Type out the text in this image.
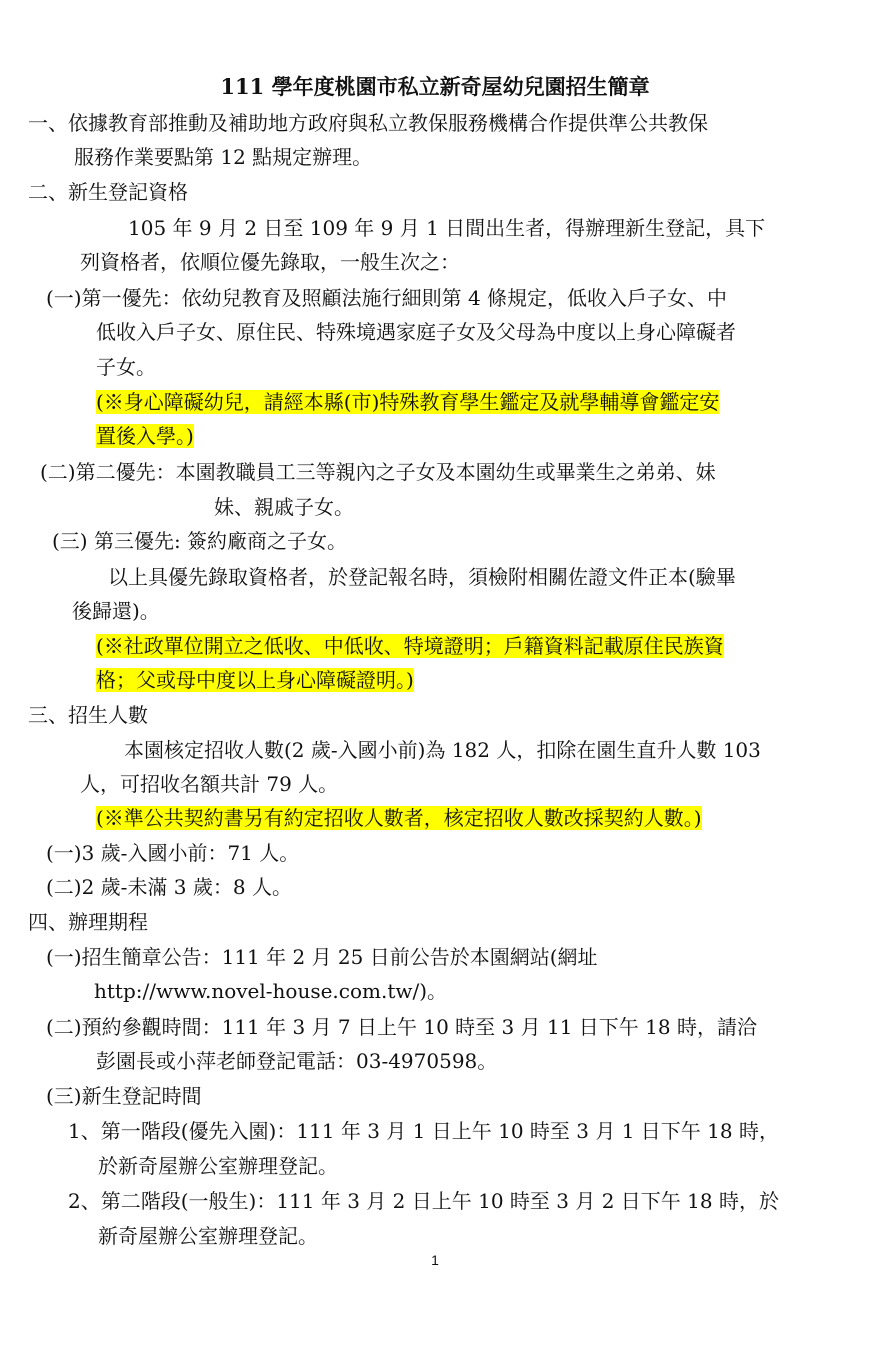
111 學年度桃園市私立新奇屋幼兒園招生簡章
一、依據教育部推動及補助地方政府與私立教保服務機構合作提供準公共教保
服務作業要點第 12 點規定辦理。
二、新生登記資格
105 年 9 月 2 日至 109 年 9 月 1 日間出生者，得辦理新生登記，具下
列資格者，依順位優先錄取，一般生次之：
(一)第一優先：依幼兒教育及照顧法施行細則第 4 條規定，低收入戶子女、中
低收入戶子女、原住民、特殊境遇家庭子女及父母為中度以上身心障礙者
子女。
(※身心障礙幼兒，請經本縣(市)特殊教育學生鑑定及就學輔導會鑑定安
置後入學。)
(二)第二優先：本園教職員工三等親內之子女及本園幼生或畢業生之弟弟、妹
妹、親戚子女。
(三) 第三優先: 簽約廠商之子女。
以上具優先錄取資格者，於登記報名時，須檢附相關佐證文件正本(驗畢
後歸還)。
(※社政單位開立之低收、中低收、特境證明；戶籍資料記載原住民族資
格；父或母中度以上身心障礙證明。)
三、招生人數
本園核定招收人數(2 歲-入國小前)為 182 人，扣除在園生直升人數 103
人，可招收名額共計 79 人。
(※準公共契約書另有約定招收人數者，核定招收人數改採契約人數。)
(一)3 歲-入國小前：71 人。
(二)2 歲-未滿 3 歲：8 人。
四、辦理期程
(一)招生簡章公告：111 年 2 月 25 日前公告於本園網站(網址
http://www.novel-house.com.tw/)。
(二)預約參觀時間：111 年 3 月 7 日上午 10 時至 3 月 11 日下午 18 時，請洽
彭園長或小萍老師登記電話：03-4970598。
(三)新生登記時間
1、第一階段(優先入園)：111 年 3 月 1 日上午 10 時至 3 月 1 日下午 18 時，
於新奇屋辦公室辦理登記。
2、第二階段(一般生)：111 年 3 月 2 日上午 10 時至 3 月 2 日下午 18 時，於
新奇屋辦公室辦理登記。
1
